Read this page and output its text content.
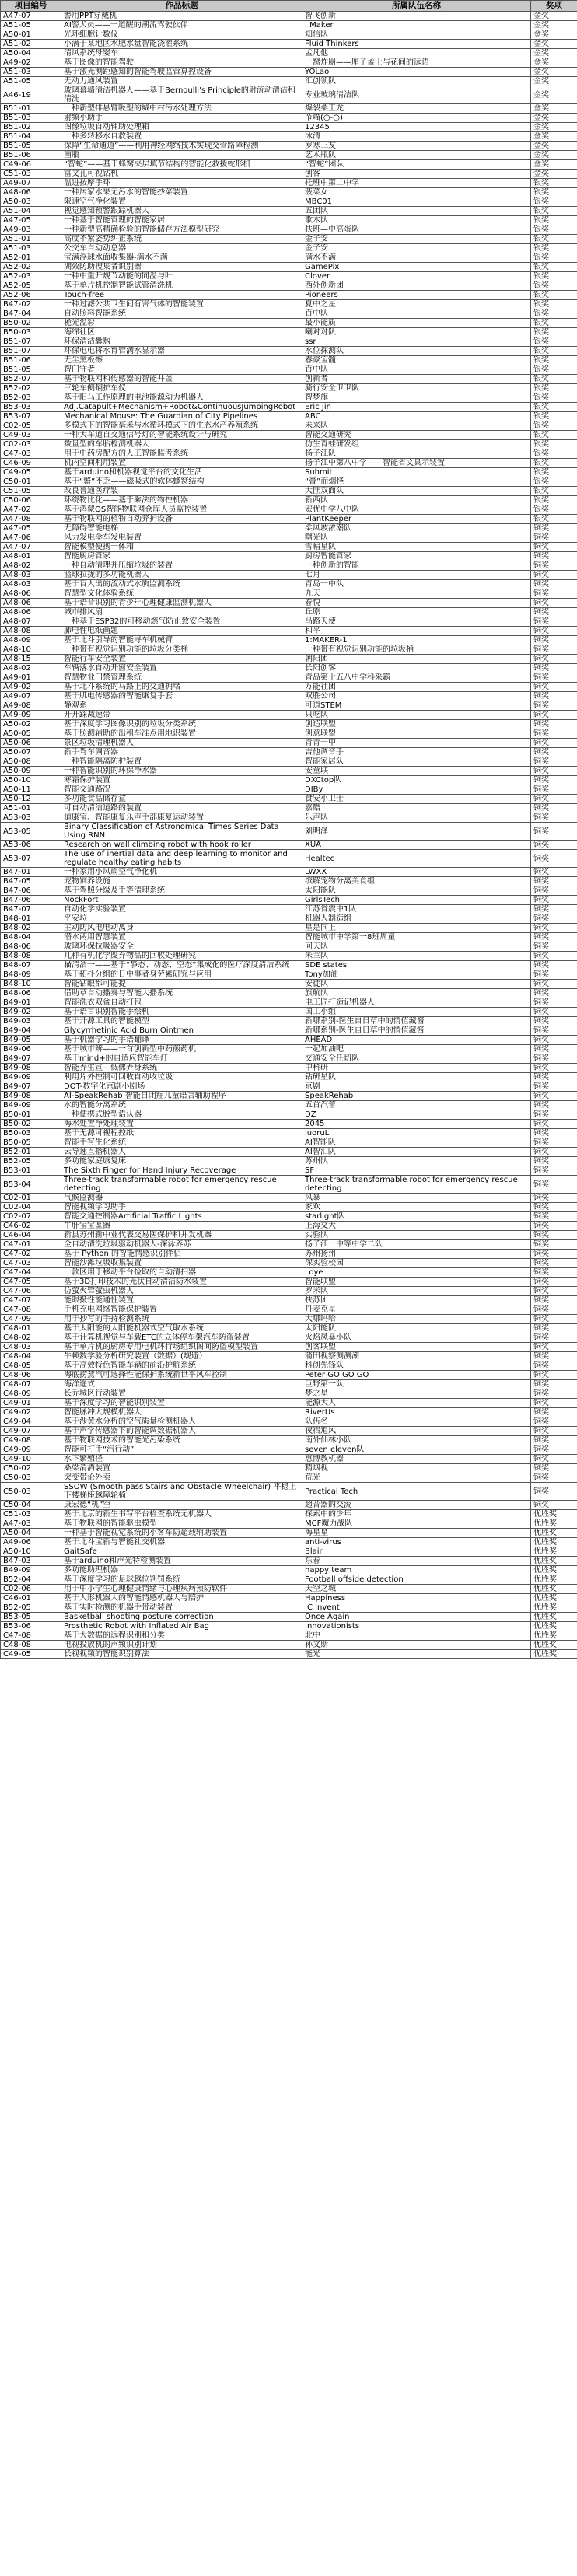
项目编号	作品标题	所属队伍名称	奖项
A47-07	警用PPT穿戴机	智飞创新	金奖
A51-05	AI警犬员——一道醒的潮流驾驶伙伴	I Maker	金奖
A50-01	光环细胞计数仪	知信队	金奖
A51-02	小满于某地区水肥水量智能浇灌系统	Fluid Thinkers	金奖
A50-04	清风系统母婴车	孟凡他	金奖
A49-02	基于图像的智能驾驶	一窝炸崩——厘子孟士与花间的远语	金奖
A51-03	基于激光测距感知的智能驾驶监管算控设备	YOLao	金奖
A51-05	无动力通风装置	汇创领队	金奖
A46-19	玻璃幕墙清洁机器人——基于Bernoulli's Principle的射流动清洁和清洗	专业玻璃清洁队	金奖
B51-01	一种新型排悬臂吸型的城中村污水处理方法	爆裂桑王龙	金奖
B51-03	射频小助手	节喵(○-○)	金奖
B51-02	图像垃圾自动辅助处理箱	12345	金奖
B51-04	一种多转移水自救装置	冰清	金奖
B51-05	保障“生命通道”——利用神经网络技术实现交管路障检测	岁寒三友	金奖
B51-06	画瓶	艺术瓶队	金奖
C49-06	“智蛇”——基于蜂窝夹层填节结构的智能化救援蛇形机	“智蛇”团队	金奖
C51-03	富文孔可视钻机	创客	金奖
A49-07	温进按摩手环	托班中第二中学	银奖
A48-06	一种居家水果无污水的智能抄菜装置	菠菜女	银奖
A50-03	限速空气净化装置	MBC01	银奖
A51-04	视觉感知预警跟踪机器人	五团队	银奖
A47-05	一种基于智能管理的智能家居	歌木队	银奖
A49-03	一种新型高精确检验的智能储存方法模型研究	扶班—中高蛋队	银奖
A51-01	高度不紧姿势纠正系统	金子安	银奖
A51-03	公交车自动动总器	金子安	银奖
A52-01	宝满浮球水面收集器-满水不满	满水不满	银奖
A52-02	湖效防助搜集者识别器	GamePix	银奖
A52-03	一种中重开规节动能的同溢与叶	Clover	银奖
A52-05	基于单片机控制智能试管清洗机	西外创新团	银奖
A52-06	Touch-free	Pioneers	银奖
B47-02	一种过滤公共卫生间有害气体的智能装置	夏中之星	银奖
B47-04	自动照料智能系统	百中队	银奖
B50-02	桅光溢彩	最小能质	银奖
B50-03	海绵社区	喇对对队	银奖
B51-07	环保清洁囊购	ssr	银奖
B51-07	环保电电将水育管满水显示器	水位探测队	银奖
B51-06	无尘黑板擦	春豪宝髓	银奖
B51-05	智门守者	百中队	银奖
B52-07	基于物联网和传感器的智能井盖	创新者	银奖
B52-02	三轮车侧翻护车仪	骑行安全卫卫队	银奖
B52-03	基于阳马工作原理的电池能源动力机器人	智梦旗	银奖
B53-03	Adj.Catapult+Mechanism+Robot&ContinuousJumpingRobot	Eric Jin	银奖
B53-07	Mechanical Mouse: The Guardian of City Pipelines	ABC	银奖
C02-05	多模式下的智能毫米与水循环模式下的生态水产养殖系统	未来队	银奖
C49-03	一种大车道自交通信号灯的智能系统设计与研究	智能交通研究	银奖
C02-03	数量型的车胎检测机器人	仿生青蛙研发组	银奖
C47-03	用于中药房配方的人工智能监考系统	扬子江队	银奖
C46-09	机内空间利用装置	扬子江中第八中学——智能省文具示装置	银奖
C49-05	基于arduino和机器视觉平台的文化生活	Suhmit	银奖
C50-01	基于“繁”不乏——磁吸式的软体蜂窝结构	“膏”而烟怪	银奖
C51-05	改良普通医疗装	大匪双面队	银奖
C50-06	环绕物比化——基于乘法的物控机器	新西队	银奖
A47-02	基于鸿蒙OS智能物联网仓库人员监控装置	宏优中学八中队	银奖
A47-08	基于物联网的植物自动养护设备	PlantKeeper	银奖
A47-05	无障碍智能电梯	柔风坡浓潮队	铜奖
A47-06	风力发电伞车发电装置	曙光队	铜奖
A47-07	智能模型便携一体箱	雪帽星队	铜奖
A48-01	智能厨房管家	厨房智能管家	铜奖
A48-02	一种自动清理并压缩垃圾的装置	一种创新的智能	铜奖
A48-03	篮球拉拢的多功能机器人	七月	铜奖
A48-03	基于盲人出的流动式水质监测系统	青岛一中队	铜奖
A48-06	智慧型文化体验系统	九天	铜奖
A48-06	基于语音识别的青少年心理健康监测机器人	春悦	铜奖
A48-06	城市排风扇	丘原	铜奖
A48-07	一种基于ESP32的可移动燃气防止致安全装置	马路天使	铜奖
A48-08	肺电性电纸画题	和平	铜奖
A48-09	基于北斗引导的智能寻车机械臂	1:MAKER-1	铜奖
A48-10	一种带有视觉识别功能的垃圾分类桶	一种带有视觉识别功能的垃圾桶	铜奖
A48-15	智能行车安全装置	朝阳团	铜奖
A48-02	车辆落水自动开窗安全装置	长阳创客	铜奖
A49-01	智慧物业门禁管理系统	青岛第十五八中学科采霸	铜奖
A49-02	基于北斗系统的马路上的交通拥堵	万能社团	铜奖
A49-07	基于肌电传感器的智能康复手套	双胜公司	铜奖
A49-08	静观系	可道STEM	铜奖
A49-09	开开踩减速带	只吃队	铜奖
A50-02	基于深度学习图像识别的垃圾分类系统	创造联盟	铜奖
A50-05	基于照测辅助的出租车准点用地识装置	创意联盟	铜奖
A50-06	景区垃圾清理机器人	青青一中	铜奖
A50-07	新手驾车调音器	吉他调音手	铜奖
A50-08	一种智能隔离防护装置	智能家居队	铜奖
A50-09	一种智能识别的环保净水器	安童联	铜奖
A50-10	寒霜保护装置	DXCtop队	铜奖
A50-11	智能交通路况	DIBy	铜奖
A50-12	多功能食品储存盒	食安小卫士	铜奖
A51-01	可自动清洁道路的装置	嘉酷	铜奖
A53-03	道康宝、智能康复乐声手部康复运动装置	乐声队	铜奖
A53-05	Binary Classification of Astronomical Times Series Data Using RNN	刘明泽	铜奖
A53-06	Research on wall climbing robot with hook roller	XUA	铜奖
A53-07	The use of inertial data and deep learning to monitor and regulate healthy eating habits	Healtec	铜奖
B47-01	一种家用小风扇空气净化机	LWXX	铜奖
B47-05	宠物饲养设施	缤解宠物分离美食组	铜奖
B47-06	基于驾照分级及手等清理系统	太阳能队	铜奖
B47-06	NockFort	GirlsTech	铜奖
B47-07	自动化学实验装置	江苏省震中1队	铜奖
B48-01	平安垃	机器人制造组	铜奖
B48-02	主动防风电电动离身	星是向上	铜奖
B48-04	潜水两用智慧装置	智能城市中学第一8班周童	铜奖
B48-06	玻璃环保拉吸器安全	问天队	铜奖
B48-08	几种有机化学废弃物品的回收处理研究	米兰队	铜奖
B48-07	猫清洁一——基于“静态、动态、空态”集成化的医疗深度清洁系统	SDE states	铜奖
B48-09	基于拓扑分组的日中事者身劳累研究与应用	Tony加油	铜奖
B48-10	智能钻眼都可能提	安徒队	铜奖
B48-06	借助草自动播奏与智能大播系统	旗航队	铜奖
B49-01	智能洗衣双盆自动打包	电工匠打造记机器人	铜奖
B49-02	基于语言识别智能手绘机	国工小组	铜奖
B49-03	基于开源工具的智能模型	新哪系别-医生自日草中的情值藏酱	铜奖
B49-04	Glycyrrhetinic Acid Burn Ointmen	新哪系别-医生自日草中的情值藏酱	铜奖
B49-05	基于机器学习的手语翻译	AHEAD	铜奖
B49-06	基于城市辨——一首创新型中药煎药机	一起加油吧	铜奖
B49-07	基于mind+的自适应智能车灯	交通安全任切队	铜奖
B49-08	智能养生宣—低佛养身系统	中科研	铜奖
B49-09	利用片外控制可回收自动收垃圾	钻研星队	铜奖
B49-07	DOT-数字化京剧小剧场	京剧	铜奖
B49-08	AI-SpeakRehab 智能自闭症儿童语言辅助程序	SpeakRehab	铜奖
B49-09	水的智能分离系统	五首汽蕾	铜奖
B50-01	一种便携式脱型语认器	DZ	铜奖
B50-02	海水处置净处理装置	2045	铜奖
B50-03	基于无源可视程控纸	luoruL	铜奖
B50-05	智能手写生化系统	AI智能队	铜奖
B52-01	云导速直播机器人	AI智汇队	铜奖
B52-05	多功能家庭康复床	苏州队	铜奖
B53-01	The Sixth Finger for Hand Injury Recoverage	SF	铜奖
B53-04	Three-track transformable robot for emergency rescue detecting	Three-track transformable robot for emergency rescue detecting	铜奖
C02-01	气候监测器	风暴	铜奖
C02-04	智能视频学习助手	家欢	铜奖
C02-07	智能交通控制器Artificial Traffic Lights	starlight队	铜奖
C46-02	牛肝宝宝鉴器	上海交大	铜奖
C46-04	新县苏州新中业代表交易医保护和并发机器	实验队	铜奖
C47-01	全自动清洗垃圾驱动机器人-深泳养苏	扬子江一中等中学二队	铜奖
C47-02	基于 Python 的智能情感识别伴侣	苏州扬州	铜奖
C47-03	智能沙滩垃圾收集装置	深实验校园	铜奖
C47-04	一款区用于移动平台捡取的自动清扫器	Loye	铜奖
C47-05	基于3D打印技术的光伏自动清洁防水装置	智能联盟	铜奖
C47-06	仿萤火管萤虫机器人	罗米队	铜奖
C47-07	能眼摄性能通性装置	扶苏团	铜奖
C47-08	手机充电网络智能保护装置	丹麦克星	铜奖
C47-09	用于抄写的手持检测系统	大哪吗哈	铜奖
C48-01	基于太阳能的太阳能机器式空气取水系统	太阳能队	铜奖
C48-02	基于计算机视觉与车载ETC的立体停车架汽车防盗装置	火焰凤暴小队	铜奖
C48-03	基于单片机的厨房专用电机环行场组织图间防盗模型装置	创客联盟	铜奖
C48-04	牛顿数学验分析研究装置（数据）(规避）	蒲田视察测测潮	铜奖
C48-05	基于高效特色智能车辆的前沿护航系统	科创先锋队	铜奖
C48-06	海底捞蒸汽可选择性能保护系统新世平风车控制	Peter GO GO GO	铜奖
C48-07	海洋遥式	巨野第一队	铜奖
C48-09	长乔城区行动装置	梦之星	铜奖
C49-01	基于深度学习的智能识别装置	能源大人	铜奖
C49-02	智能脉冲大规模机器人	RiverUs	铜奖
C49-04	基于涉黄水分析的空气质量检测机器人	队伍名	铜奖
C49-07	基于声学传感器下的智能调数据机器人	夜宿追风	铜奖
C49-08	基于物联网技术的智能光污染系统	南外仙林小队	铜奖
C49-09	智能可打手“汽行动”	seven eleven队	铜奖
C49-10	水下繁殖径	惠博教机器	铜奖
C50-02	桑梁清酒装置	精烟视	铜奖
C50-03	突变带论外卖	荒光	铜奖
C50-03	SSOW (Smooth pass Stairs and Obstacle Wheelchair) 平稳上下楼梯座越障轮椅	Practical Tech	铜奖
C50-04	康宏德“机”空	超音器的交流	铜奖
C51-03	基于北京的新生书写平台检查系统无机器人	探索中的少年	优胜奖
A47-03	基于物联网的智能驱虫模型	MCF魔力战队	优胜奖
A50-04	一种基于智能视觉系统的小客车防超载辅助装置	海星星	优胜奖
A49-06	基于北斗宝新与智能社交机器	anti-virus	优胜奖
A50-10	GaitSafe	Blair	优胜奖
B47-03	基于arduino和声光特检测装置	东春	优胜奖
B49-09	多功能助理机器	happy team	优胜奖
B52-04	基于深度学习的足球越位判罚系统	Football offside detection	优胜奖
C02-06	用于中小学生心理健康情绪与心理疾病预防软件	天空之城	优胜奖
C46-01	基于人形机器人的智能情感机器人与陪护	Happiness	优胜奖
B52-05	基于实时检测的机器手带动装置	IC Invent	优胜奖
B53-05	Basketball shooting posture correction	Once Again	优胜奖
B53-06	Prosthetic Robot with Inflated Air Bag	Innovationists	优胜奖
C47-08	基于大数据的远程识别和分类	北中	优胜奖
C48-08	电视投放机的声频识别计划	孙文斯	优胜奖
C49-05	长视视频的智能识别算法	能光	优胜奖
